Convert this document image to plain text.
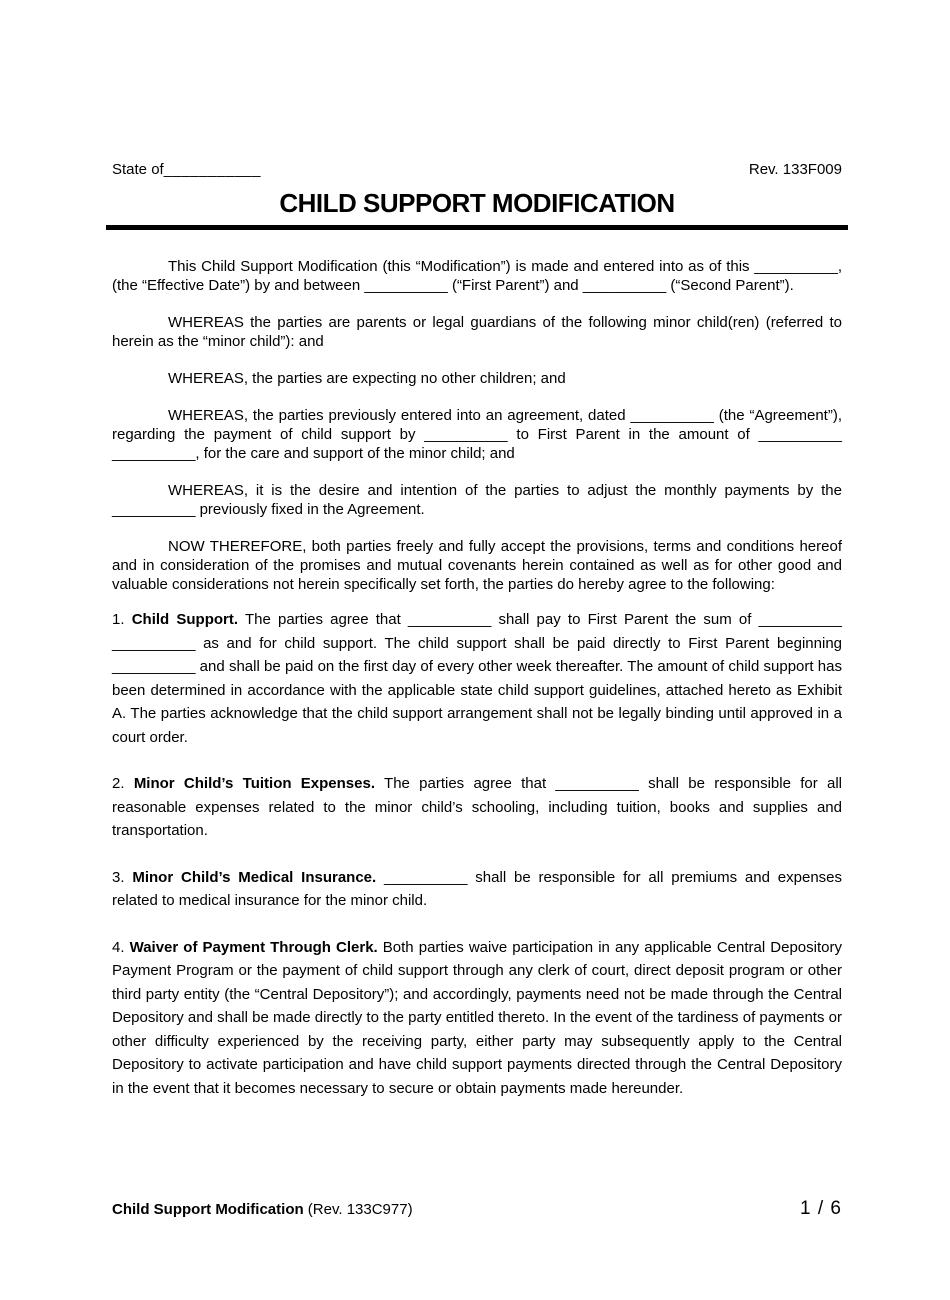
State of___________	Rev. 133F009
CHILD SUPPORT MODIFICATION

This Child Support Modification (this “Modification”) is made and entered into as of this __________, (the “Effective Date”) by and between __________ (“First Parent”) and __________ (“Second Parent”).

WHEREAS the parties are parents or legal guardians of the following minor child(ren) (referred to herein as the “minor child”): and

WHEREAS, the parties are expecting no other children; and

WHEREAS, the parties previously entered into an agreement, dated __________ (the “Agreement”), regarding the payment of child support by __________ to First Parent in the amount of __________ __________, for the care and support of the minor child; and

WHEREAS, it is the desire and intention of the parties to adjust the monthly payments by the __________ previously fixed in the Agreement.

NOW THEREFORE, both parties freely and fully accept the provisions, terms and conditions hereof and in consideration of the promises and mutual covenants herein contained as well as for other good and valuable considerations not herein specifically set forth, the parties do hereby agree to the following:

1. Child Support. The parties agree that __________ shall pay to First Parent the sum of __________ __________ as and for child support. The child support shall be paid directly to First Parent beginning __________ and shall be paid on the first day of every other week thereafter. The amount of child support has been determined in accordance with the applicable state child support guidelines, attached hereto as Exhibit A. The parties acknowledge that the child support arrangement shall not be legally binding until approved in a court order.

2. Minor Child’s Tuition Expenses. The parties agree that __________ shall be responsible for all reasonable expenses related to the minor child’s schooling, including tuition, books and supplies and transportation.

3. Minor Child’s Medical Insurance. __________ shall be responsible for all premiums and expenses related to medical insurance for the minor child.

4. Waiver of Payment Through Clerk. Both parties waive participation in any applicable Central Depository Payment Program or the payment of child support through any clerk of court, direct deposit program or other third party entity (the “Central Depository”); and accordingly, payments need not be made through the Central Depository and shall be made directly to the party entitled thereto. In the event of the tardiness of payments or other difficulty experienced by the receiving party, either party may subsequently apply to the Central Depository to activate participation and have child support payments directed through the Central Depository in the event that it becomes necessary to secure or obtain payments made hereunder.

Child Support Modification (Rev. 133C977)	1 / 6
